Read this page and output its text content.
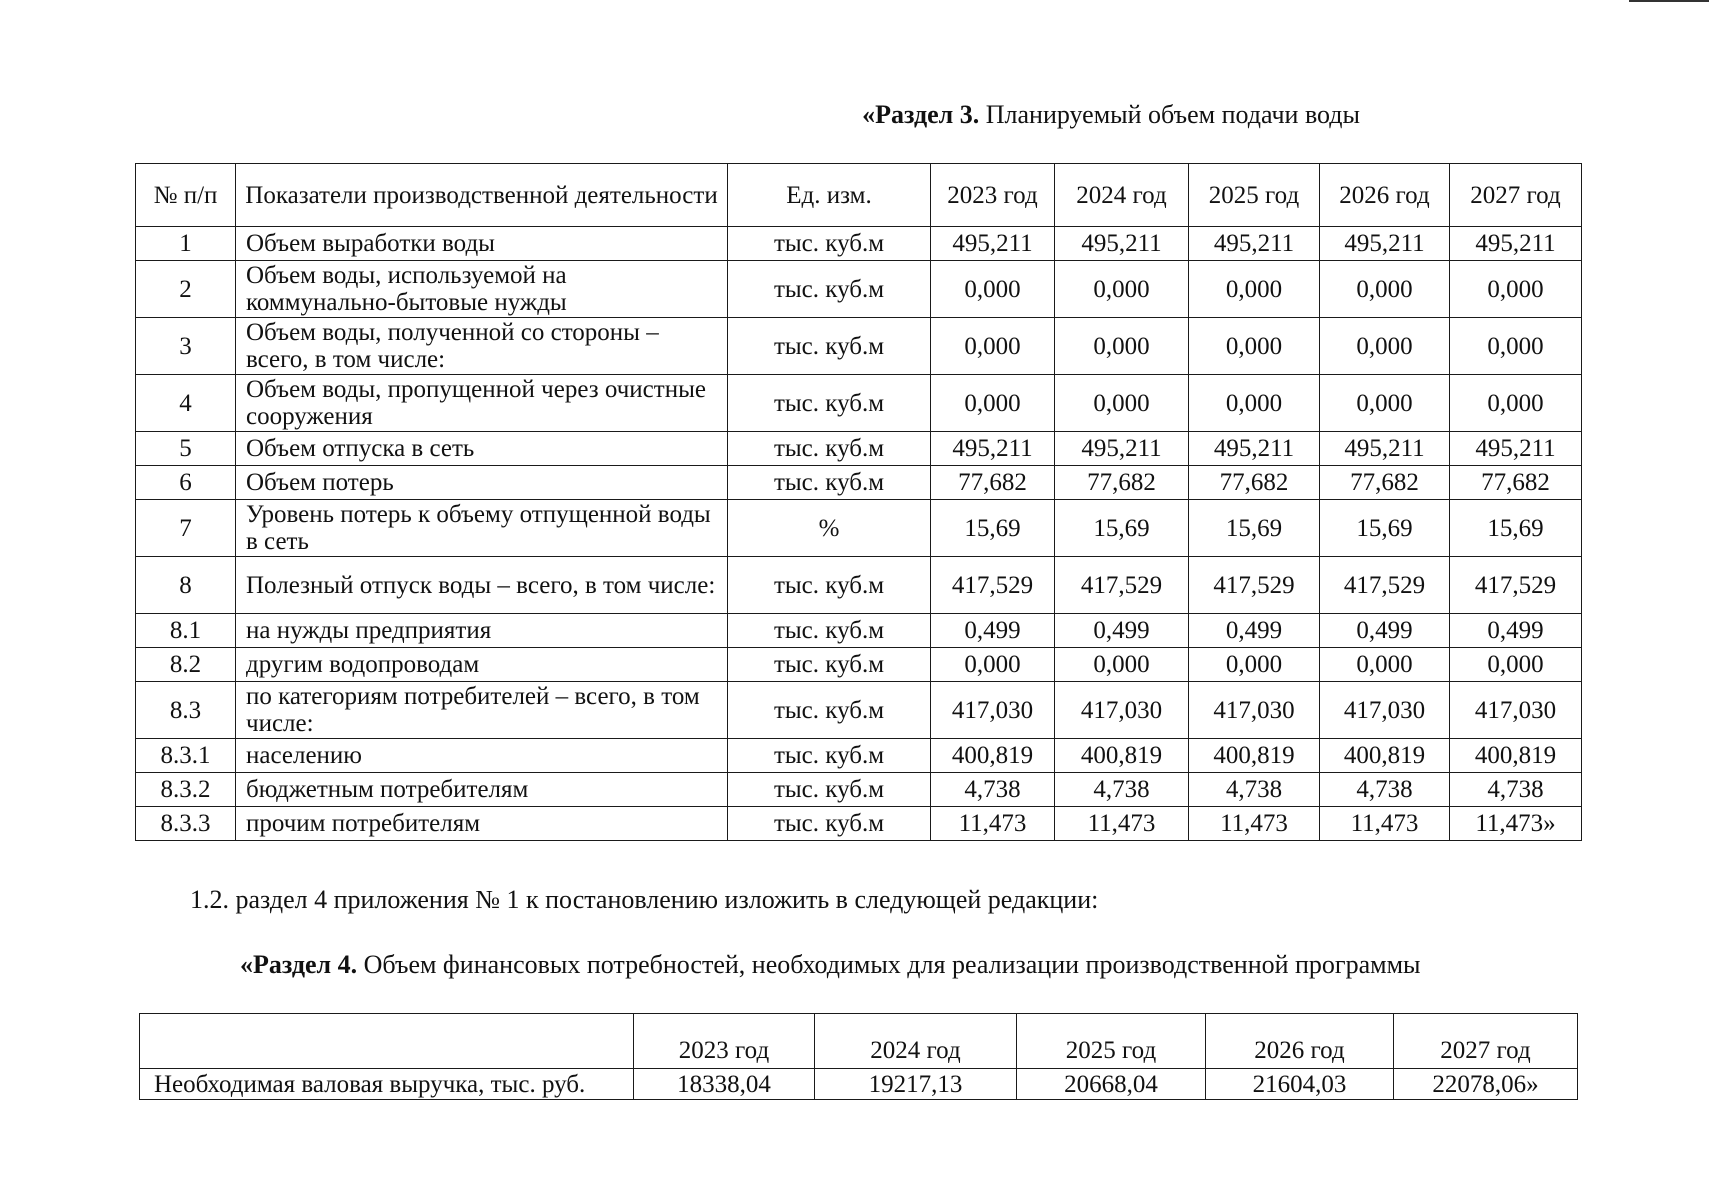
«Раздел 3. Планируемый объем подачи воды
№ п/п	Показатели производственной деятельности	Ед. изм.	2023 год	2024 год	2025 год	2026 год	2027 год
1	Объем выработки воды	тыс. куб.м	495,211	495,211	495,211	495,211	495,211
2	Объем воды, используемой на коммунально-бытовые нужды	тыс. куб.м	0,000	0,000	0,000	0,000	0,000
3	Объем воды, полученной со стороны – всего, в том числе:	тыс. куб.м	0,000	0,000	0,000	0,000	0,000
4	Объем воды, пропущенной через очистные сооружения	тыс. куб.м	0,000	0,000	0,000	0,000	0,000
5	Объем отпуска в сеть	тыс. куб.м	495,211	495,211	495,211	495,211	495,211
6	Объем потерь	тыс. куб.м	77,682	77,682	77,682	77,682	77,682
7	Уровень потерь к объему отпущенной воды в сеть	%	15,69	15,69	15,69	15,69	15,69
8	Полезный отпуск воды – всего, в том числе:	тыс. куб.м	417,529	417,529	417,529	417,529	417,529
8.1	на нужды предприятия	тыс. куб.м	0,499	0,499	0,499	0,499	0,499
8.2	другим водопроводам	тыс. куб.м	0,000	0,000	0,000	0,000	0,000
8.3	по категориям потребителей – всего, в том числе:	тыс. куб.м	417,030	417,030	417,030	417,030	417,030
8.3.1	населению	тыс. куб.м	400,819	400,819	400,819	400,819	400,819
8.3.2	бюджетным потребителям	тыс. куб.м	4,738	4,738	4,738	4,738	4,738
8.3.3	прочим потребителям	тыс. куб.м	11,473	11,473	11,473	11,473	11,473»
1.2. раздел 4 приложения № 1 к постановлению изложить в следующей редакции:
«Раздел 4. Объем финансовых потребностей, необходимых для реализации производственной программы
	2023 год	2024 год	2025 год	2026 год	2027 год
Необходимая валовая выручка, тыс. руб.	18338,04	19217,13	20668,04	21604,03	22078,06»
